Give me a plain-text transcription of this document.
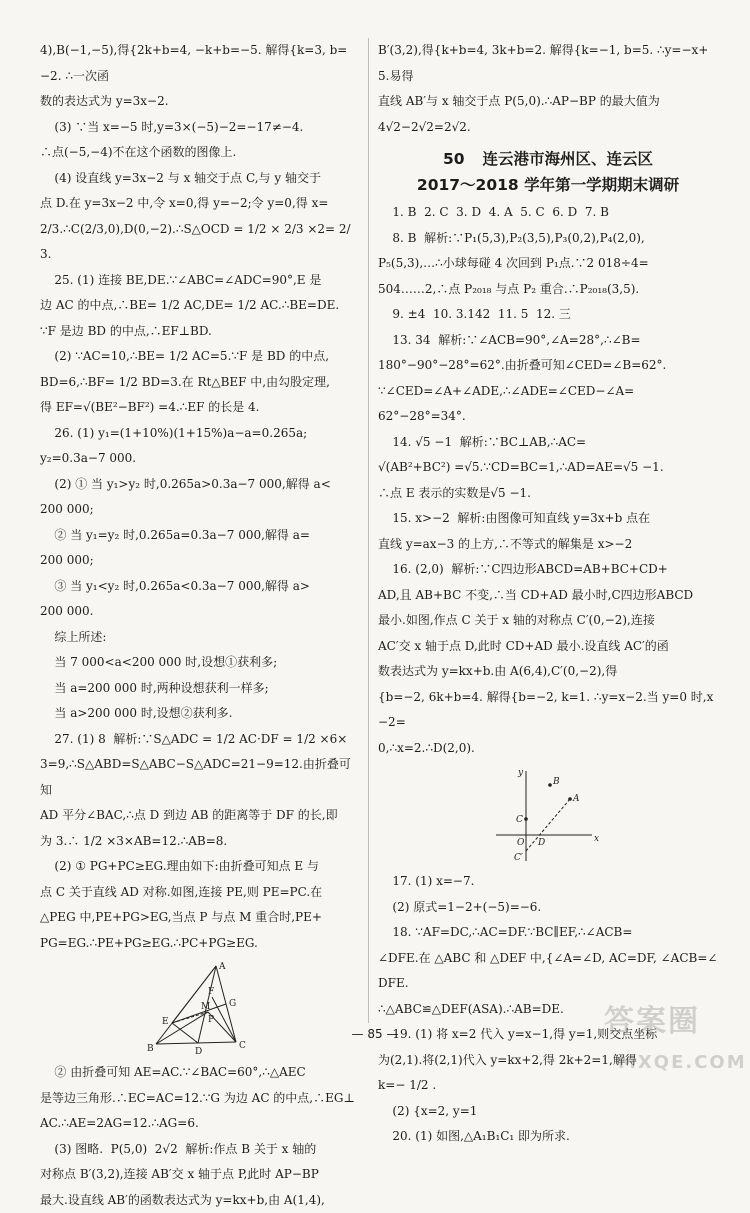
4),B(−1,−5),得{2k+b=4, −k+b=−5. 解得{k=3, b=−2. ∴一次函

数的表达式为 y=3x−2.

(3) ∵当 x=−5 时,y=3×(−5)−2=−17≠−4.

∴点(−5,−4)不在这个函数的图像上.

(4) 设直线 y=3x−2 与 x 轴交于点 C,与 y 轴交于

点 D.在 y=3x−2 中,令 x=0,得 y=−2;令 y=0,得 x=

2/3.∴C(2/3,0),D(0,−2).∴S△OCD = 1/2 × 2/3 ×2= 2/3.

25. (1) 连接 BE,DE.∵∠ABC=∠ADC=90°,E 是

边 AC 的中点,∴BE= 1/2 AC,DE= 1/2 AC.∴BE=DE.

∵F 是边 BD 的中点,∴EF⊥BD.

(2) ∵AC=10,∴BE= 1/2 AC=5.∵F 是 BD 的中点,

BD=6,∴BF= 1/2 BD=3.在 Rt△BEF 中,由勾股定理,

得 EF=√(BE²−BF²) =4.∴EF 的长是 4.

26. (1) y₁=(1+10%)(1+15%)a−a=0.265a;

y₂=0.3a−7 000.

(2) ① 当 y₁>y₂ 时,0.265a>0.3a−7 000,解得 a<

200 000;

② 当 y₁=y₂ 时,0.265a=0.3a−7 000,解得 a=

200 000;

③ 当 y₁<y₂ 时,0.265a<0.3a−7 000,解得 a>

200 000.

综上所述:

当 7 000<a<200 000 时,设想①获利多;

当 a=200 000 时,两种设想获利一样多;

当 a>200 000 时,设想②获利多.

27. (1) 8  解析:∵S△ADC = 1/2 AC·DF = 1/2 ×6×

3=9,∴S△ABD=S△ABC−S△ADC=21−9=12.由折叠可知

AD 平分∠BAC,∴点 D 到边 AB 的距离等于 DF 的长,即

为 3.∴ 1/2 ×3×AB=12.∴AB=8.

(2) ① PG+PC≥EG.理由如下:由折叠可知点 E 与

点 C 关于直线 AD 对称.如图,连接 PE,则 PE=PC.在

△PEG 中,PE+PG>EG,当点 P 与点 M 重合时,PE+

PG=EG.∴PE+PG≥EG.∴PC+PG≥EG.

A
B	C
D
E
F
G
M
P

② 由折叠可知 AE=AC.∵∠BAC=60°,∴△AEC

是等边三角形.∴EC=AC=12.∵G 为边 AC 的中点,∴EG⊥

AC.∴AE=2AG=12.∴AG=6.

(3) 图略.  P(5,0)  2√2  解析:作点 B 关于 x 轴的

对称点 B′(3,2),连接 AB′交 x 轴于点 P,此时 AP−BP

最大.设直线 AB′的函数表达式为 y=kx+b,由 A(1,4),

B′(3,2),得{k+b=4, 3k+b=2. 解得{k=−1, b=5. ∴y=−x+5.易得

直线 AB′与 x 轴交于点 P(5,0).∴AP−BP 的最大值为

4√2−2√2=2√2.

50 连云港市海州区、连云区
2017～2018 学年第一学期期末调研

1. B  2. C  3. D  4. A  5. C  6. D  7. B

8. B  解析:∵P₁(5,3),P₂(3,5),P₃(0,2),P₄(2,0),

P₅(5,3),…∴小球每碰 4 次回到 P₁点.∵2 018÷4=

504……2,∴点 P₂₀₁₈ 与点 P₂ 重合.∴P₂₀₁₈(3,5).

9. ±4  10. 3.142  11. 5  12. 三

13. 34  解析:∵∠ACB=90°,∠A=28°,∴∠B=

180°−90°−28°=62°.由折叠可知∠CED=∠B=62°.

∵∠CED=∠A+∠ADE,∴∠ADE=∠CED−∠A=

62°−28°=34°.

14. √5 −1  解析:∵BC⊥AB,∴AC=

√(AB²+BC²) =√5.∵CD=BC=1,∴AD=AE=√5 −1.

∴点 E 表示的实数是√5 −1.

15. x>−2  解析:由图像可知直线 y=3x+b 点在

直线 y=ax−3 的上方,∴不等式的解集是 x>−2

16. (2,0)  解析:∵C四边形ABCD=AB+BC+CD+

AD,且 AB+BC 不变,∴当 CD+AD 最小时,C四边形ABCD

最小.如图,作点 C 关于 x 轴的对称点 C′(0,−2),连接

AC′交 x 轴于点 D,此时 CD+AD 最小.设直线 AC′的函

数表达式为 y=kx+b.由 A(6,4),C′(0,−2),得

{b=−2, 6k+b=4. 解得{b=−2, k=1. ∴y=x−2.当 y=0 时,x−2=

0,∴x=2.∴D(2,0).

y
x
O
B
A
C
D
C′

17. (1) x=−7.

(2) 原式=1−2+(−5)=−6.

18. ∵AF=DC,∴AC=DF.∵BC∥EF,∴∠ACB=

∠DFE.在 △ABC 和 △DEF 中,{∠A=∠D, AC=DF, ∠ACB=∠DFE.

∴△ABC≌△DEF(ASA).∴AB=DE.

19. (1) 将 x=2 代入 y=x−1,得 y=1,则交点坐标

为(2,1).将(2,1)代入 y=kx+2,得 2k+2=1,解得

k=− 1/2 .

(2) {x=2, y=1

20. (1) 如图,△A₁B₁C₁ 即为所求.

— 85 —	答案圈
MXQE.COM
